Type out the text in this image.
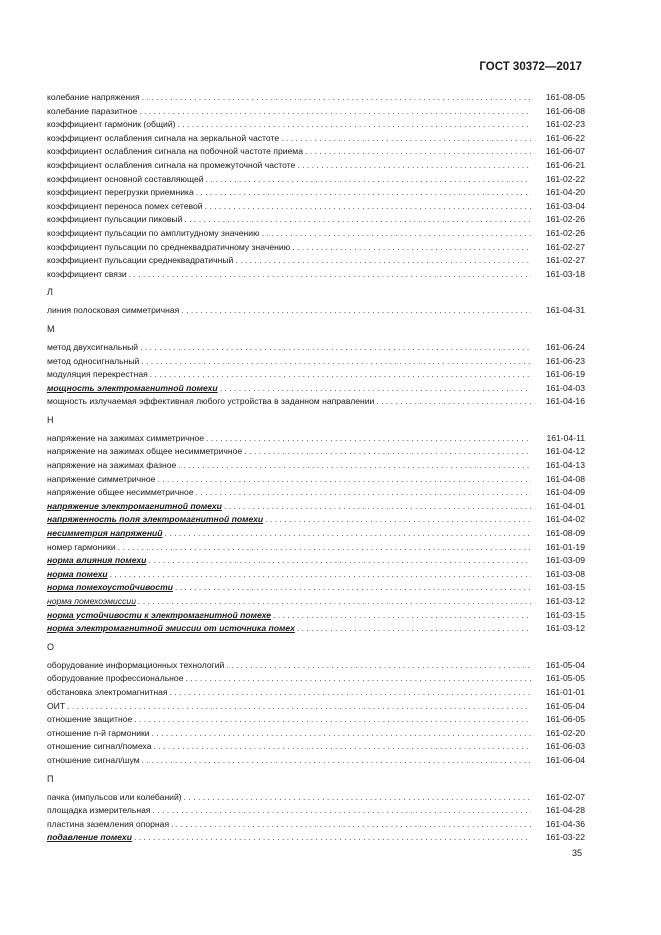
ГОСТ 30372—2017
колебание напряжения . . .	161-08-05
колебание паразитное . . .	161-06-08
коэффициент гармоник (общий) . . .	161-02-23
коэффициент ослабления сигнала на зеркальной частоте . . .	161-06-22
коэффициент ослабления сигнала на побочной частоте приема . . .	161-06-07
коэффициент ослабления сигнала на промежуточной частоте . . .	161-06-21
коэффициент основной составляющей . . .	161-02-22
коэффициент перегрузки приемника . . .	161-04-20
коэффициент переноса помех сетевой . . .	161-03-04
коэффициент пульсации пиковый . . .	161-02-26
коэффициент пульсации по амплитудному значению . . .	161-02-26
коэффициент пульсации по среднеквадратичному значению . . .	161-02-27
коэффициент пульсации среднеквадратичный . . .	161-02-27
коэффициент связи . . .	161-03-18
Л
линия полосковая симметричная . . .	161-04-31
М
метод двухсигнальный . . .	161-06-24
метод односигнальный . . .	161-06-23
модуляция перекрестная . . .	161-06-19
мощность электромагнитной помехи . . .	161-04-03
мощность излучаемая эффективная любого устройства в заданном направлении . . .	161-04-16
Н
напряжение на зажимах симметричное . . .	161-04-11
напряжение на зажимах общее несимметричное . . .	161-04-12
напряжение на зажимах фазное . . .	161-04-13
напряжение симметричное . . .	161-04-08
напряжение общее несимметричное . . .	161-04-09
напряжение электромагнитной помехи . . .	161-04-01
напряженность поля электромагнитной помехи . . .	161-04-02
несимметрия напряжений . . .	161-08-09
номер гармоники . . .	161-01-19
норма влияния помехи . . .	161-03-09
норма помехи . . .	161-03-08
норма помехоустойчивости . . .	161-03-15
норма помехоэмиссии . . .	161-03-12
норма устойчивости к электромагнитной помехе . . .	161-03-15
норма электромагнитной эмиссии от источника помех . . .	161-03-12
О
оборудование информационных технологий . . .	161-05-04
оборудование профессиональное . . .	161-05-05
обстановка электромагнитная . . .	161-01-01
ОИТ . . .	161-05-04
отношение защитное . . .	161-06-05
отношение n-й гармоники . . .	161-02-20
отношение сигнал/помеха . . .	161-06-03
отношение сигнал/шум . . .	161-06-04
П
пачка (импульсов или колебаний) . . .	161-02-07
площадка измерительная . . .	161-04-28
пластина заземления опорная . . .	161-04-36
подавление помехи . . .	161-03-22
35
